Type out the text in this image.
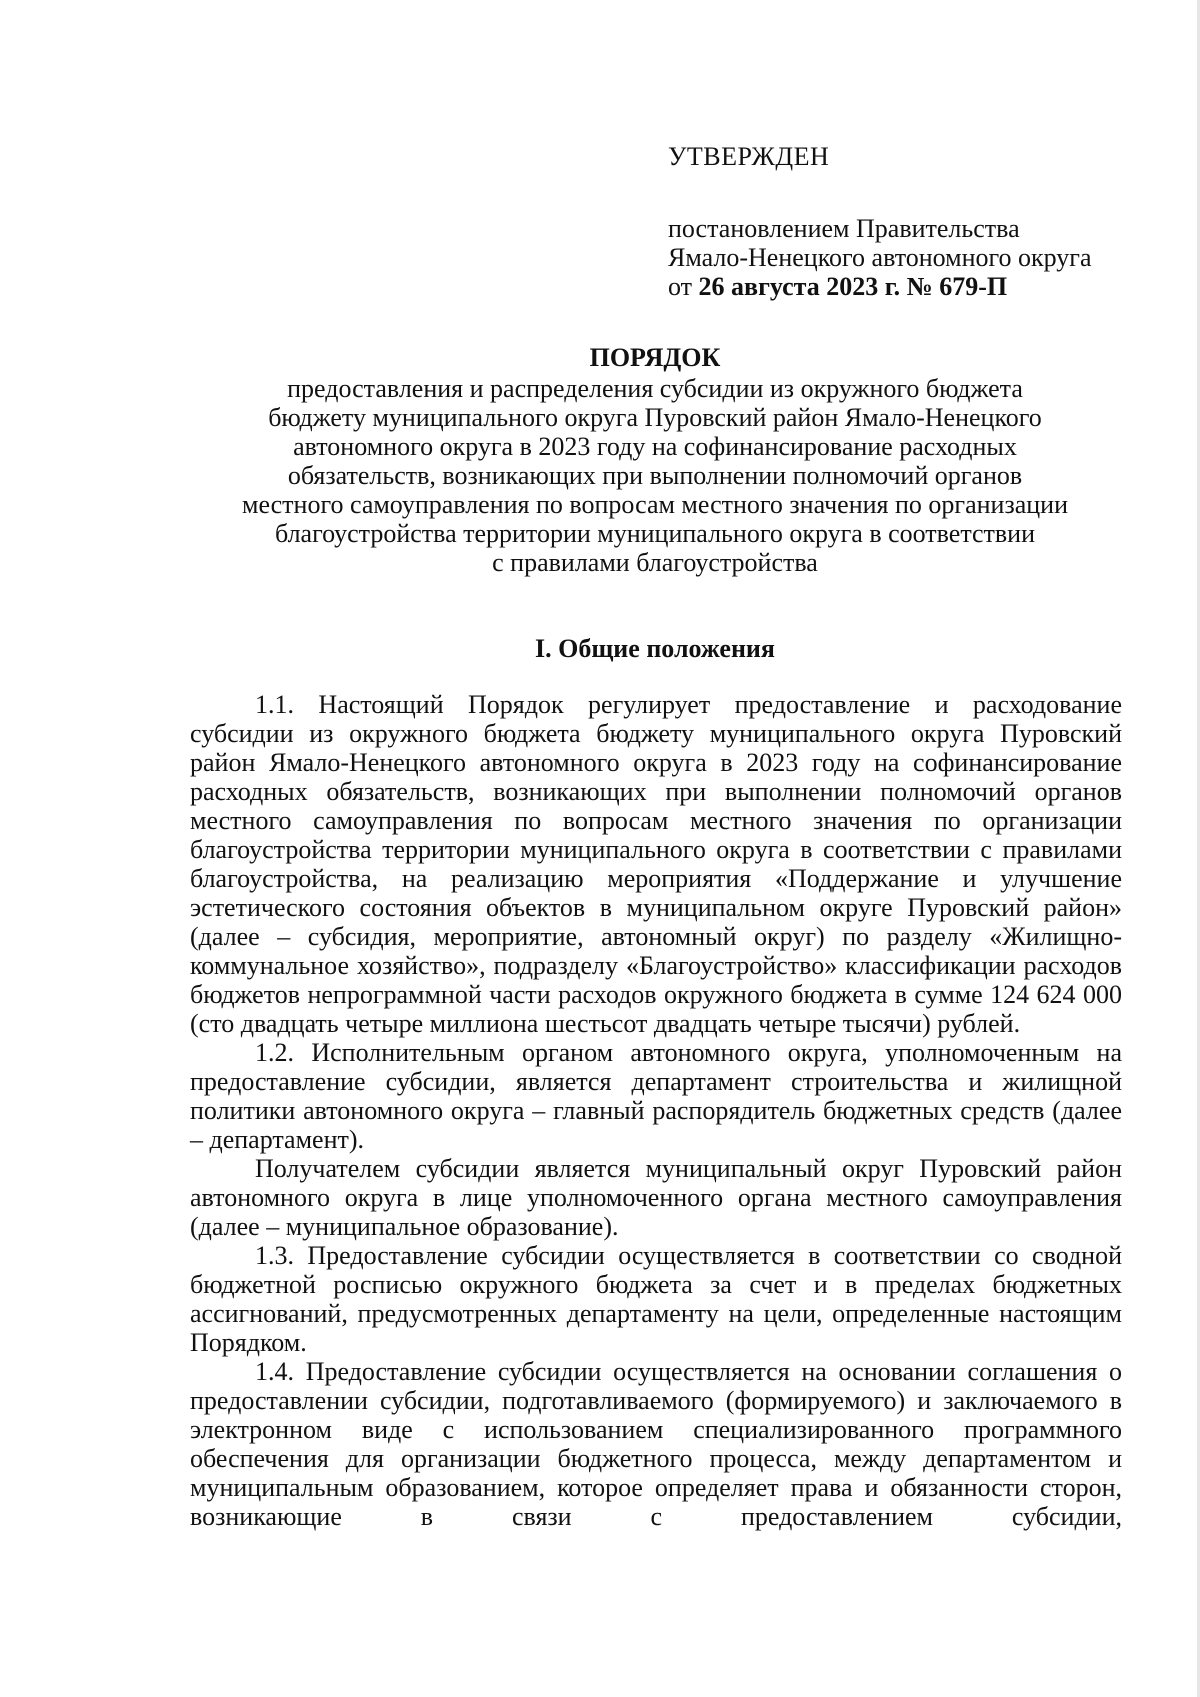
УТВЕРЖДЕН

постановлением Правительства

Ямало-Ненецкого автономного округа

от 26 августа 2023 г. № 679-П

ПОРЯДОК

предоставления и распределения субсидии из окружного бюджета

бюджету муниципального округа Пуровский район Ямало-Ненецкого

автономного округа в 2023 году на софинансирование расходных

обязательств, возникающих при выполнении полномочий органов

местного самоуправления по вопросам местного значения по организации

благоустройства территории муниципального округа в соответствии

с правилами благоустройства

I. Общие положения

1.1. Настоящий Порядок регулирует предоставление и расходование субсидии из окружного бюджета бюджету муниципального округа Пуровский район Ямало-Ненецкого автономного округа в 2023 году на софинансирование расходных обязательств, возникающих при выполнении полномочий органов местного самоуправления по вопросам местного значения по организации благоустройства территории муниципального округа в соответствии с правилами благоустройства, на реализацию мероприятия «Поддержание и улучшение эстетического состояния объектов в муниципальном округе Пуровский район» (далее – субсидия, мероприятие, автономный округ) по разделу «Жилищно-коммунальное хозяйство», подразделу «Благоустройство» классификации расходов бюджетов непрограммной части расходов окружного бюджета в сумме 124 624 000 (сто двадцать четыре миллиона шестьсот двадцать четыре тысячи) рублей.

1.2. Исполнительным органом автономного округа, уполномоченным на предоставление субсидии, является департамент строительства и жилищной политики автономного округа – главный распорядитель бюджетных средств (далее – департамент).

Получателем субсидии является муниципальный округ Пуровский район автономного округа в лице уполномоченного органа местного самоуправления (далее – муниципальное образование).

1.3. Предоставление субсидии осуществляется в соответствии со сводной бюджетной росписью окружного бюджета за счет и в пределах бюджетных ассигнований, предусмотренных департаменту на цели, определенные настоящим Порядком.

1.4. Предоставление субсидии осуществляется на основании соглашения о предоставлении субсидии, подготавливаемого (формируемого) и заключаемого в электронном виде с использованием специализированного программного обеспечения для организации бюджетного процесса, между департаментом и муниципальным образованием, которое определяет права и обязанности сторон, возникающие в связи с предоставлением субсидии,
